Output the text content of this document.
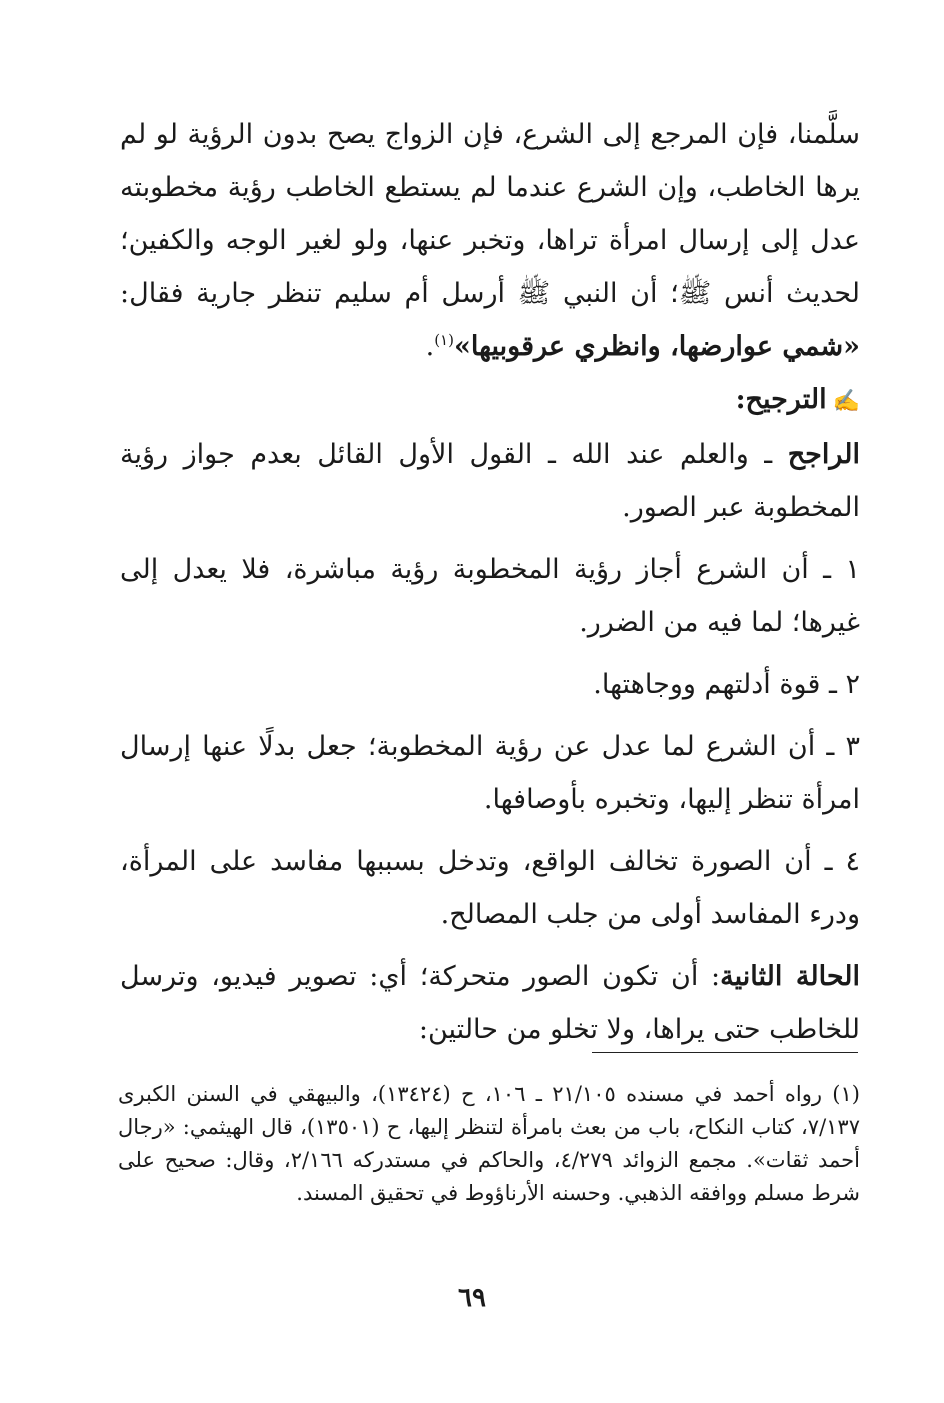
سلَّمنا، فإن المرجع إلى الشرع، فإن الزواج يصح بدون الرؤية لو لم يرها الخاطب، وإن الشرع عندما لم يستطع الخاطب رؤية مخطوبته عدل إلى إرسال امرأة تراها، وتخبر عنها، ولو لغير الوجه والكفين؛ لحديث أنس ﷺ؛ أن النبي ﷺ أرسل أم سليم تنظر جارية فقال: «شمي عوارضها، وانظري عرقوبيها»$^{(١)}$.

✍الترجيح:

الراجح ـ والعلم عند الله ـ القول الأول القائل بعدم جواز رؤية المخطوبة عبر الصور.

١ ـ أن الشرع أجاز رؤية المخطوبة رؤية مباشرة، فلا يعدل إلى غيرها؛ لما فيه من الضرر.

٢ ـ قوة أدلتهم ووجاهتها.

٣ ـ أن الشرع لما عدل عن رؤية المخطوبة؛ جعل بدلًا عنها إرسال امرأة تنظر إليها، وتخبره بأوصافها.

٤ ـ أن الصورة تخالف الواقع، وتدخل بسببها مفاسد على المرأة، ودرء المفاسد أولى من جلب المصالح.

الحالة الثانية: أن تكون الصور متحركة؛ أي: تصوير فيديو، وترسل للخاطب حتى يراها، ولا تخلو من حالتين:

(١) رواه أحمد في مسنده ٢١/١٠٥ ـ ١٠٦، ح (١٣٤٢٤)، والبيهقي في السنن الكبرى ٧/١٣٧، كتاب النكاح، باب من بعث بامرأة لتنظر إليها، ح (١٣٥٠١)، قال الهيثمي: «رجال أحمد ثقات». مجمع الزوائد ٤/٢٧٩، والحاكم في مستدركه ٢/١٦٦، وقال: صحيح على شرط مسلم ووافقه الذهبي. وحسنه الأرناؤوط في تحقيق المسند.
٦٩
